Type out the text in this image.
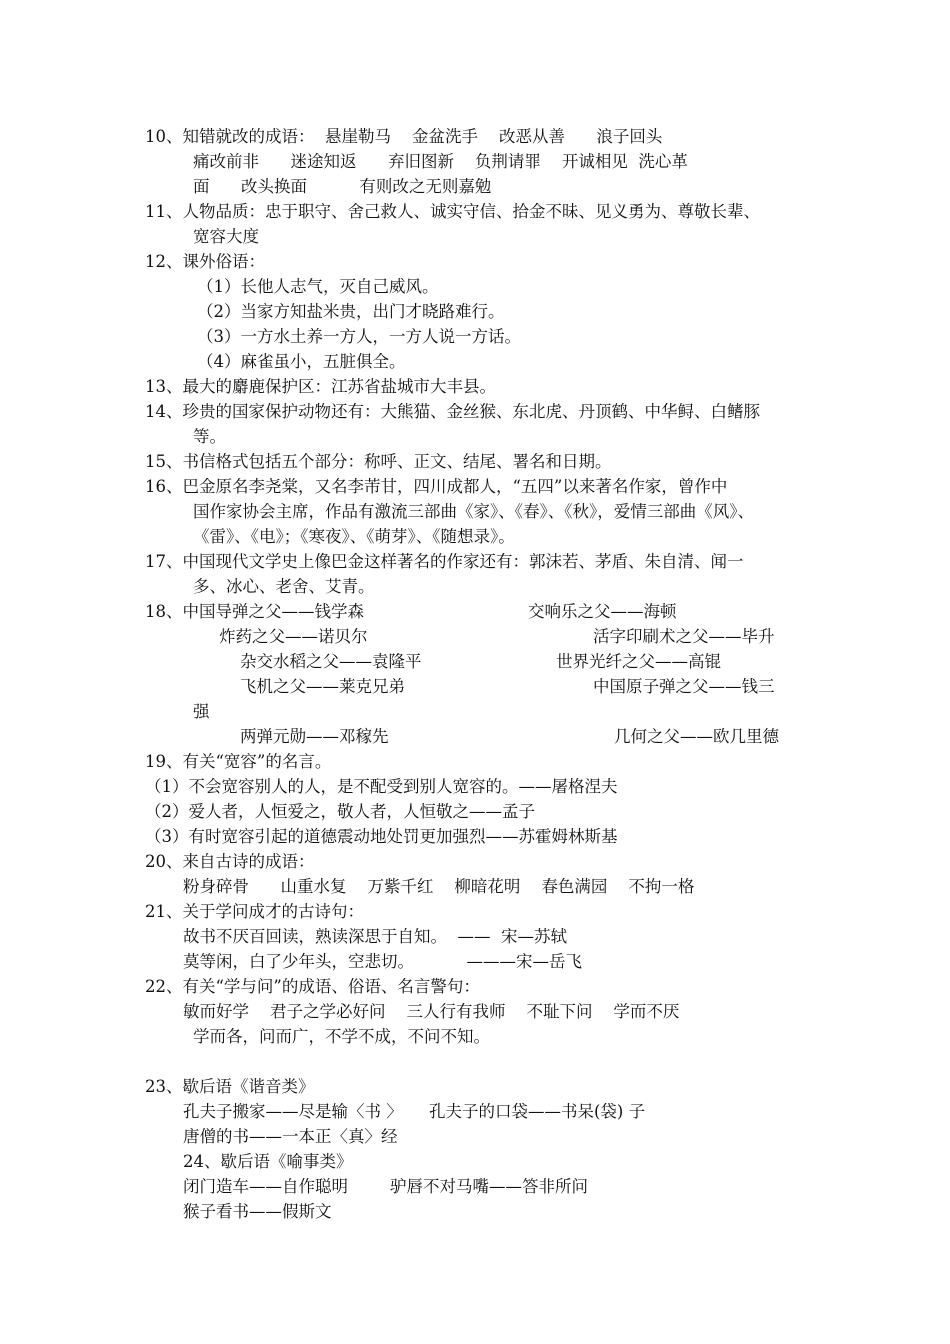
10、知错就改的成语：  悬崖勒马    金盆洗手    改恶从善      浪子回头
痛改前非      迷途知返      弃旧图新    负荆请罪    开诚相见  洗心革
面      改头换面          有则改之无则嘉勉
11、人物品质：忠于职守、舍己救人、诚实守信、拾金不昧、见义勇为、尊敬长辈、
宽容大度
12、课外俗语：
（1）长他人志气，灭自己威风。
（2）当家方知盐米贵，出门才晓路难行。
（3）一方水土养一方人，一方人说一方话。
（4）麻雀虽小，五脏俱全。
13、最大的麝鹿保护区：江苏省盐城市大丰县。
14、珍贵的国家保护动物还有：大熊猫、金丝猴、东北虎、丹顶鹤、中华鲟、白鳍豚
等。
15、书信格式包括五个部分：称呼、正文、结尾、署名和日期。
16、巴金原名李尧棠，又名李芾甘，四川成都人，“五四”以来著名作家，曾作中
国作家协会主席，作品有激流三部曲《家》、《春》、《秋》，爱情三部曲《风》、
《雷》、《电》；《寒夜》、《萌芽》、《随想录》。
17、中国现代文学史上像巴金这样著名的作家还有：郭沫若、茅盾、朱自清、闻一
多、冰心、老舍、艾青。
18、中国导弹之父——钱学森	交响乐之父——海顿
炸药之父——诺贝尔	活字印刷术之父——毕升
杂交水稻之父——袁隆平	世界光纤之父——高锟
飞机之父——莱克兄弟	中国原子弹之父——钱三
强
两弹元勋——邓稼先	几何之父——欧几里德
19、有关“宽容”的名言。
（1）不会宽容别人的人，是不配受到别人宽容的。——屠格涅夫
（2）爱人者，人恒爱之，敬人者，人恒敬之——孟子
（3）有时宽容引起的道德震动地处罚更加强烈——苏霍姆林斯基
20、来自古诗的成语：
粉身碎骨      山重水复    万紫千红    柳暗花明    春色满园    不拘一格
21、关于学问成才的古诗句：
故书不厌百回读，熟读深思于自知。  ——  宋—苏轼
莫等闲，白了少年头，空悲切。          ———宋—岳飞
22、有关“学与问”的成语、俗语、名言警句：
敏而好学    君子之学必好问    三人行有我师    不耻下问    学而不厌
学而各，问而广，不学不成，不问不知。
23、歇后语《谐音类》
孔夫子搬家——尽是输〈书 〉     孔夫子的口袋——书呆(袋) 子
唐僧的书——一本正〈真〉经
24、歇后语《喻事类》
闭门造车——自作聪明        驴唇不对马嘴——答非所问
猴子看书——假斯文
